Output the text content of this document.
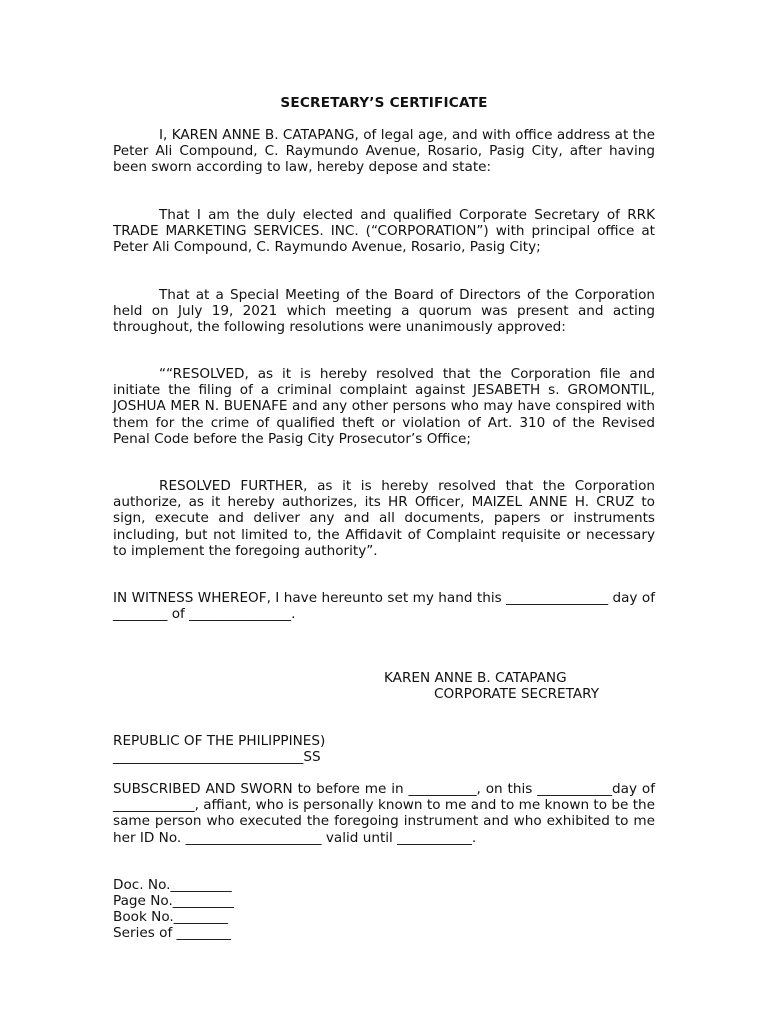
SECRETARY’S CERTIFICATE
I, KAREN ANNE B. CATAPANG, of legal age, and with office address at the Peter Ali Compound, C. Raymundo Avenue, Rosario, Pasig City, after having been sworn according to law, hereby depose and state:
That I am the duly elected and qualified Corporate Secretary of RRK TRADE MARKETING SERVICES. INC. (“CORPORATION”) with principal office at Peter Ali Compound, C. Raymundo Avenue, Rosario, Pasig City;
That at a Special Meeting of the Board of Directors of the Corporation held on July 19, 2021 which meeting a quorum was present and acting throughout, the following resolutions were unanimously approved:
““RESOLVED, as it is hereby resolved that the Corporation file and initiate the filing of a criminal complaint against JESABETH s. GROMONTIL, JOSHUA MER N. BUENAFE and any other persons who may have conspired with them for the crime of qualified theft or violation of Art. 310 of the Revised Penal Code before the Pasig City Prosecutor’s Office;
RESOLVED FURTHER, as it is hereby resolved that the Corporation authorize, as it hereby authorizes, its HR Officer, MAIZEL ANNE H. CRUZ to sign, execute and deliver any and all documents, papers or instruments including, but not limited to, the Affidavit of Complaint requisite or necessary to implement the foregoing authority”.
IN WITNESS WHEREOF, I have hereunto set my hand this _______________ day of ________ of _______________.
KAREN ANNE B. CATAPANG
CORPORATE SECRETARY
REPUBLIC OF THE PHILIPPINES)
____________________________SS
SUBSCRIBED AND SWORN to before me in __________, on this ___________day of ____________, affiant, who is personally known to me and to me known to be the same person who executed the foregoing instrument and who exhibited to me her ID No. ____________________ valid until ___________.
Doc. No._________
Page No._________
Book No.________
Series of ________
